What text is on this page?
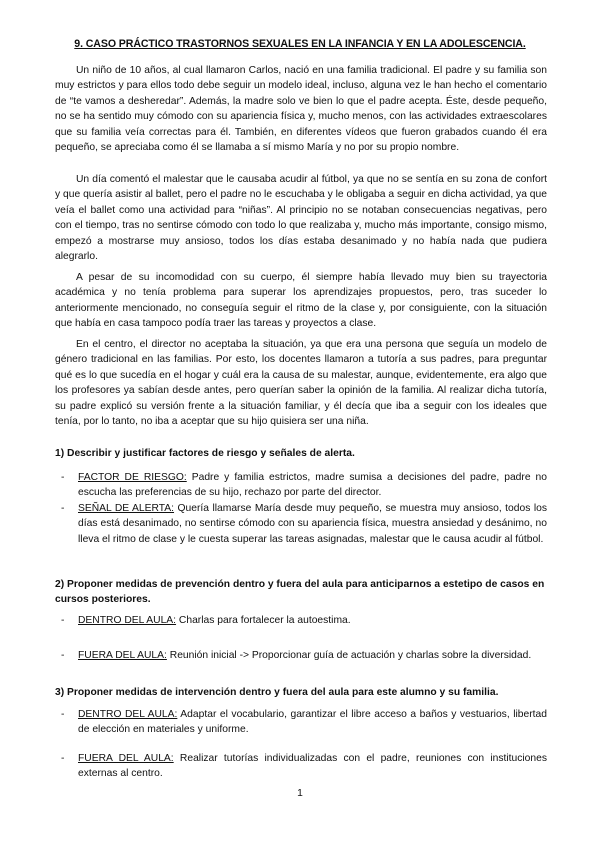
9. CASO PRÁCTICO TRASTORNOS SEXUALES EN LA INFANCIA Y EN LA ADOLESCENCIA.

Un niño de 10 años, al cual llamaron Carlos, nació en una familia tradicional. El padre y su familia son muy estrictos y para ellos todo debe seguir un modelo ideal, incluso, alguna vez le han hecho el comentario de “te vamos a desheredar”. Además, la madre solo ve bien lo que el padre acepta. Éste, desde pequeño, no se ha sentido muy cómodo con su apariencia física y, mucho menos, con las actividades extraescolares que su familia veía correctas para él. También, en diferentes vídeos que fueron grabados cuando él era pequeño, se apreciaba como él se llamaba a sí mismo María y no por su propio nombre.

Un día comentó el malestar que le causaba acudir al fútbol, ya que no se sentía en su zona de confort y que quería asistir al ballet, pero el padre no le escuchaba y le obligaba a seguir en dicha actividad, ya que veía el ballet como una actividad para “niñas”. Al principio no se notaban consecuencias negativas, pero con el tiempo, tras no sentirse cómodo con todo lo que realizaba y, mucho más importante, consigo mismo, empezó a mostrarse muy ansioso, todos los días estaba desanimado y no había nada que pudiera alegrarlo.

A pesar de su incomodidad con su cuerpo, él siempre había llevado muy bien su trayectoria académica y no tenía problema para superar los aprendizajes propuestos, pero, tras suceder lo anteriormente mencionado, no conseguía seguir el ritmo de la clase y, por consiguiente, con la situación que había en casa tampoco podía traer las tareas y proyectos a clase.

En el centro, el director no aceptaba la situación, ya que era una persona que seguía un modelo de género tradicional en las familias. Por esto, los docentes llamaron a tutoría a sus padres, para preguntar qué es lo que sucedía en el hogar y cuál era la causa de su malestar, aunque, evidentemente, era algo que los profesores ya sabían desde antes, pero querían saber la opinión de la familia. Al realizar dicha tutoría, su padre explicó su versión frente a la situación familiar, y él decía que iba a seguir con los ideales que tenía, por lo tanto, no iba a aceptar que su hijo quisiera ser una niña.

1) Describir y justificar factores de riesgo y señales de alerta.

- FACTOR DE RIESGO: Padre y familia estrictos, madre sumisa a decisiones del padre, padre no escucha las preferencias de su hijo, rechazo por parte del director.
- SEÑAL DE ALERTA: Quería llamarse María desde muy pequeño, se muestra muy ansioso, todos los días está desanimado, no sentirse cómodo con su apariencia física, muestra ansiedad y desánimo, no lleva el ritmo de clase y le cuesta superar las tareas asignadas, malestar que le causa acudir al fútbol.

2) Proponer medidas de prevención dentro y fuera del aula para anticiparnos a estetipo de casos en cursos posteriores.

- DENTRO DEL AULA: Charlas para fortalecer la autoestima.
- FUERA DEL AULA: Reunión inicial -> Proporcionar guía de actuación y charlas sobre la diversidad.

3) Proponer medidas de intervención dentro y fuera del aula para este alumno y su familia.

- DENTRO DEL AULA: Adaptar el vocabulario, garantizar el libre acceso a baños y vestuarios, libertad de elección en materiales y uniforme.
- FUERA DEL AULA: Realizar tutorías individualizadas con el padre, reuniones con instituciones externas al centro.
1
